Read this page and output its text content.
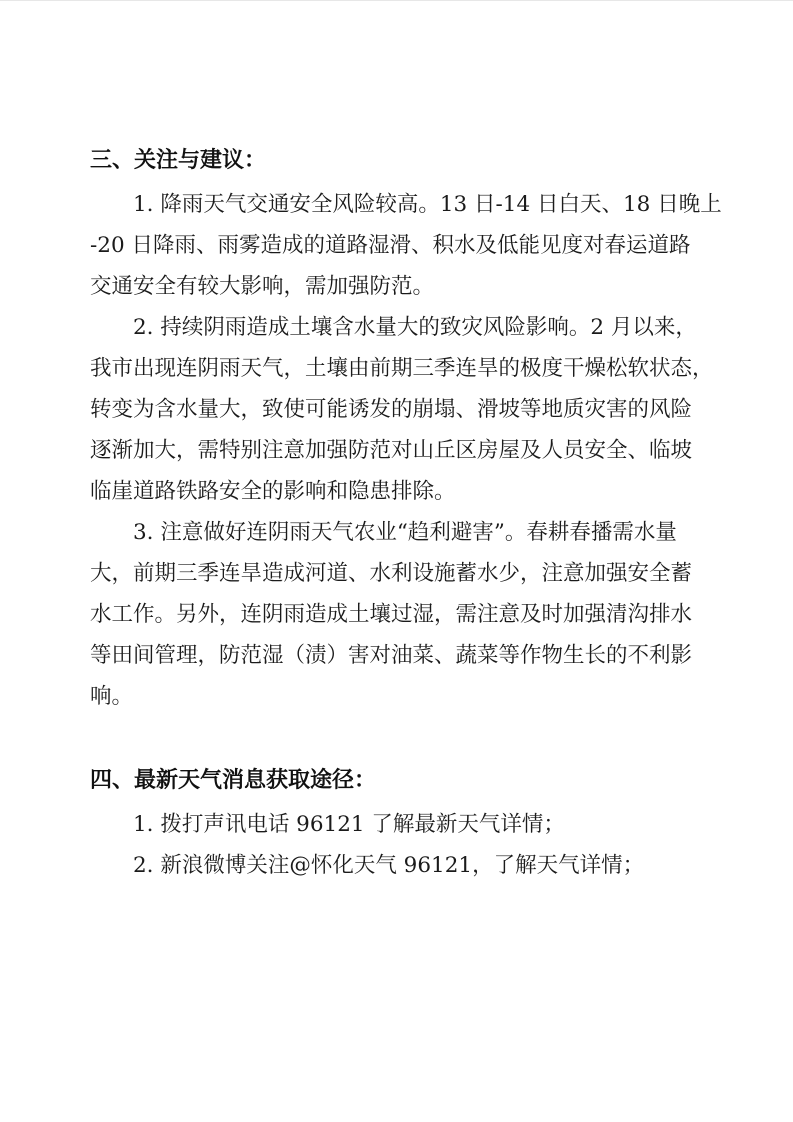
三、关注与建议：
1. 降雨天气交通安全风险较高。13 日-14 日白天、18 日晚上
-20 日降雨、雨雾造成的道路湿滑、积水及低能见度对春运道路
交通安全有较大影响，需加强防范。
2. 持续阴雨造成土壤含水量大的致灾风险影响。2 月以来，
我市出现连阴雨天气，土壤由前期三季连旱的极度干燥松软状态，
转变为含水量大，致使可能诱发的崩塌、滑坡等地质灾害的风险
逐渐加大，需特别注意加强防范对山丘区房屋及人员安全、临坡
临崖道路铁路安全的影响和隐患排除。
3. 注意做好连阴雨天气农业“趋利避害”。春耕春播需水量
大，前期三季连旱造成河道、水利设施蓄水少，注意加强安全蓄
水工作。另外，连阴雨造成土壤过湿，需注意及时加强清沟排水
等田间管理，防范湿（渍）害对油菜、蔬菜等作物生长的不利影
响。
四、最新天气消息获取途径：
1. 拨打声讯电话 96121 了解最新天气详情；
2. 新浪微博关注@怀化天气 96121，了解天气详情；
